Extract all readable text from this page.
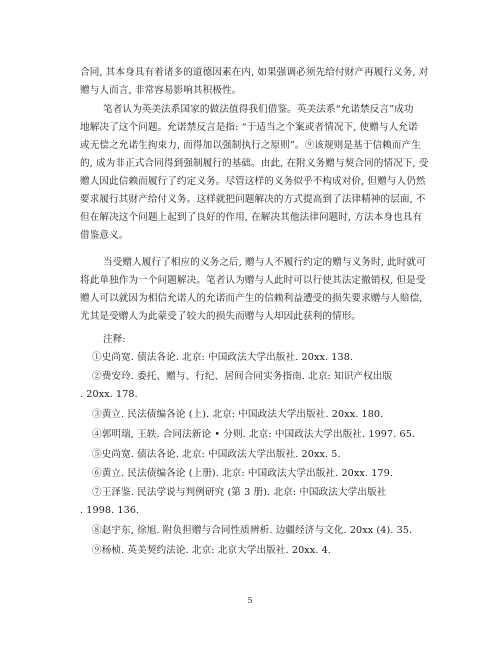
合同, 其本身具有着诸多的道德因素在内, 如果强调必须先给付财产再履行义务, 对
赠与人而言, 非常容易影响其积极性。
笔者认为英美法系国家的做法值得我们借鉴。英美法系“允诺禁反言”成功
地解决了这个问题。允诺禁反言是指: “于适当之个案或者情况下, 使赠与人允诺
或无偿之允诺生拘束力, 而得加以强制执行之原则”。⑨该规则是基于信赖而产生
的, 成为非正式合同得到强制履行的基础。由此, 在附义务赠与契合同的情况下, 受
赠人因此信赖而履行了约定义务。尽管这样的义务似乎不构成对价, 但赠与人仍然
要求履行其财产给付义务。这样就把问题解决的方式提高到了法律精神的层面, 不
但在解决这个问题上起到了良好的作用, 在解决其他法律问题时, 方法本身也具有
借鉴意义。
当受赠人履行了相应的义务之后, 赠与人不履行约定的赠与义务时, 此时就可
将此单独作为一个问题解决。笔者认为赠与人此时可以行使其法定撤销权, 但是受
赠人可以就因为相信允诺人的允诺而产生的信赖利益遭受的损失要求赠与人赔偿,
尤其是受赠人为此蒙受了较大的损失而赠与人却因此获利的情形。
注释:
①史尚宽. 债法各论. 北京: 中国政法大学出版社. 20xx. 138.
②费安玲. 委托、赠与、行纪、居间合同实务指南. 北京: 知识产权出版
. 20xx. 178.
③黄立. 民法债编各论 (上). 北京: 中国政法大学出版社. 20xx. 180.
④郭明瑞, 王轶. 合同法新论 • 分则. 北京: 中国政法大学出版社. 1997. 65.
⑤史尚宽. 债法各论. 北京: 中国政法大学出版社. 20xx. 5.
⑥黄立. 民法债编各论 (上册). 北京: 中国政法大学出版社. 20xx. 179.
⑦王泽鉴. 民法学说与判例研究 (第 3 册). 北京: 中国政法大学出版社
. 1998. 136.
⑧赵宇东, 徐旭. 附负担赠与合同性质辨析. 边疆经济与文化. 20xx (4). 35.
⑨杨桢. 英美契约法论. 北京: 北京大学出版社. 20xx. 4.
5
